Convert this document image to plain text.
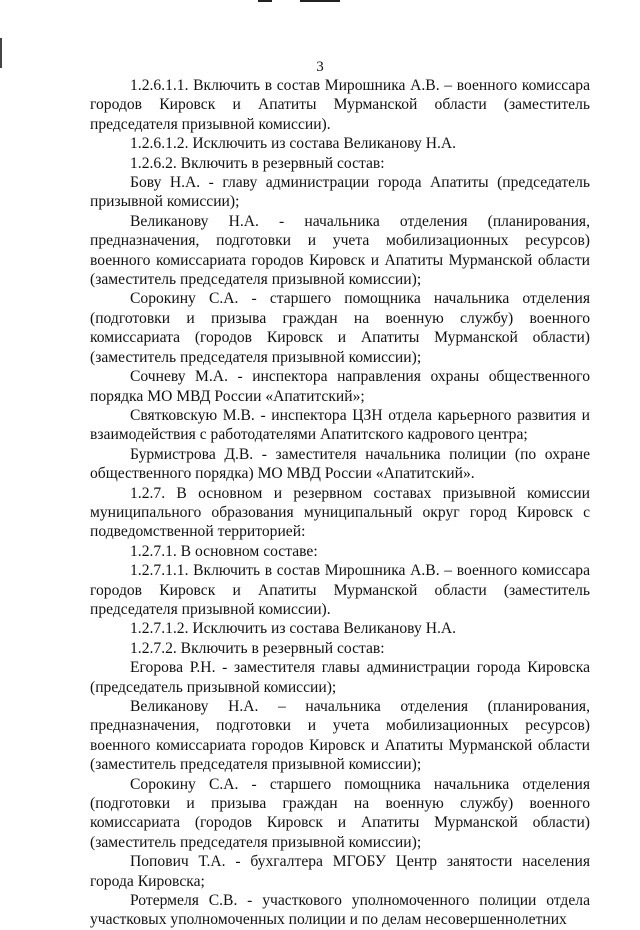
3

1.2.6.1.1. Включить в состав Мирошника А.В. – военного комиссара городов Кировск и Апатиты Мурманской области (заместитель председателя призывной комиссии).

1.2.6.1.2. Исключить из состава Великанову Н.А.

1.2.6.2. Включить в резервный состав:

Бову Н.А. - главу администрации города Апатиты (председатель призывной комиссии);

Великанову Н.А. - начальника отделения (планирования, предназначения, подготовки и учета мобилизационных ресурсов) военного комиссариата городов Кировск и Апатиты Мурманской области (заместитель председателя призывной комиссии);

Сорокину С.А. - старшего помощника начальника отделения (подготовки и призыва граждан на военную службу) военного комиссариата (городов Кировск и Апатиты Мурманской области) (заместитель председателя призывной комиссии);

Сочневу М.А. - инспектора направления охраны общественного порядка МО МВД России «Апатитский»;

Святковскую М.В. - инспектора ЦЗН отдела карьерного развития и взаимодействия с работодателями Апатитского кадрового центра;

Бурмистрова Д.В. - заместителя начальника полиции (по охране общественного порядка) МО МВД России «Апатитский».

1.2.7. В основном и резервном составах призывной комиссии муниципального образования муниципальный округ город Кировск с подведомственной территорией:

1.2.7.1. В основном составе:

1.2.7.1.1. Включить в состав Мирошника А.В. – военного комиссара городов Кировск и Апатиты Мурманской области (заместитель председателя призывной комиссии).

1.2.7.1.2. Исключить из состава Великанову Н.А.

1.2.7.2. Включить в резервный состав:

Егорова Р.Н. - заместителя главы администрации города Кировска (председатель призывной комиссии);

Великанову Н.А. – начальника отделения (планирования, предназначения, подготовки и учета мобилизационных ресурсов) военного комиссариата городов Кировск и Апатиты Мурманской области (заместитель председателя призывной комиссии);

Сорокину С.А. - старшего помощника начальника отделения (подготовки и призыва граждан на военную службу) военного комиссариата (городов Кировск и Апатиты Мурманской области) (заместитель председателя призывной комиссии);

Попович Т.А. - бухгалтера МГОБУ Центр занятости населения города Кировска;

Ротермеля С.В. - участкового уполномоченного полиции отдела участковых уполномоченных полиции и по делам несовершеннолетних
